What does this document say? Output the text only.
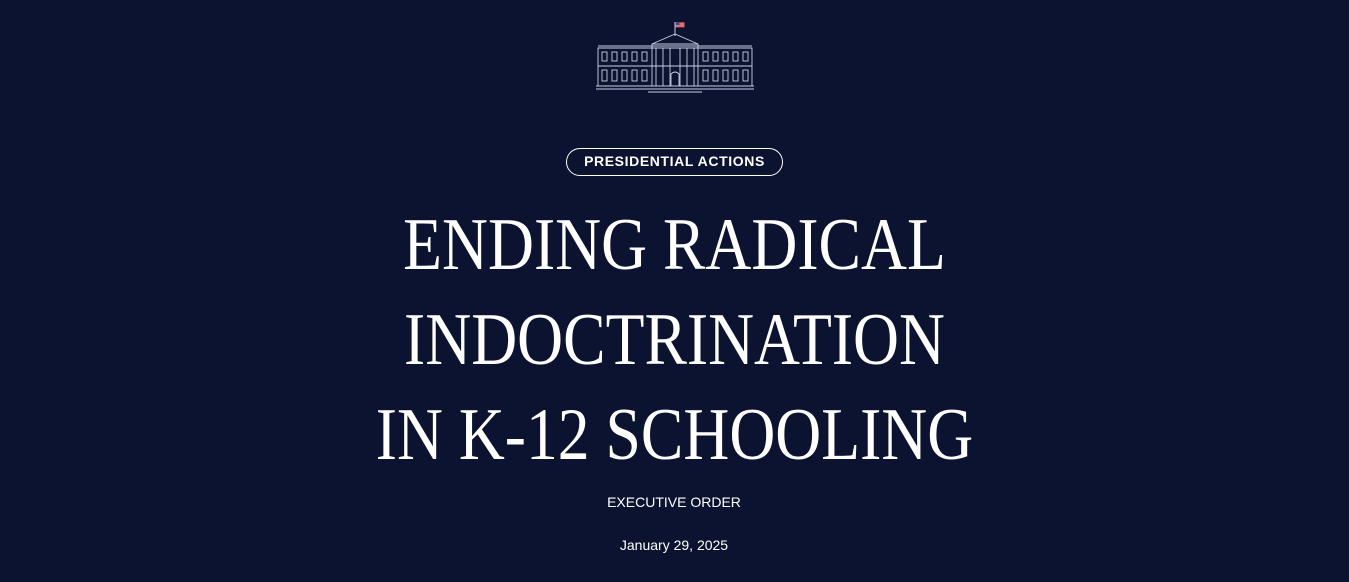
PRESIDENTIAL ACTIONS
ENDING RADICAL
INDOCTRINATION
IN K-12 SCHOOLING
EXECUTIVE ORDER
January 29, 2025
